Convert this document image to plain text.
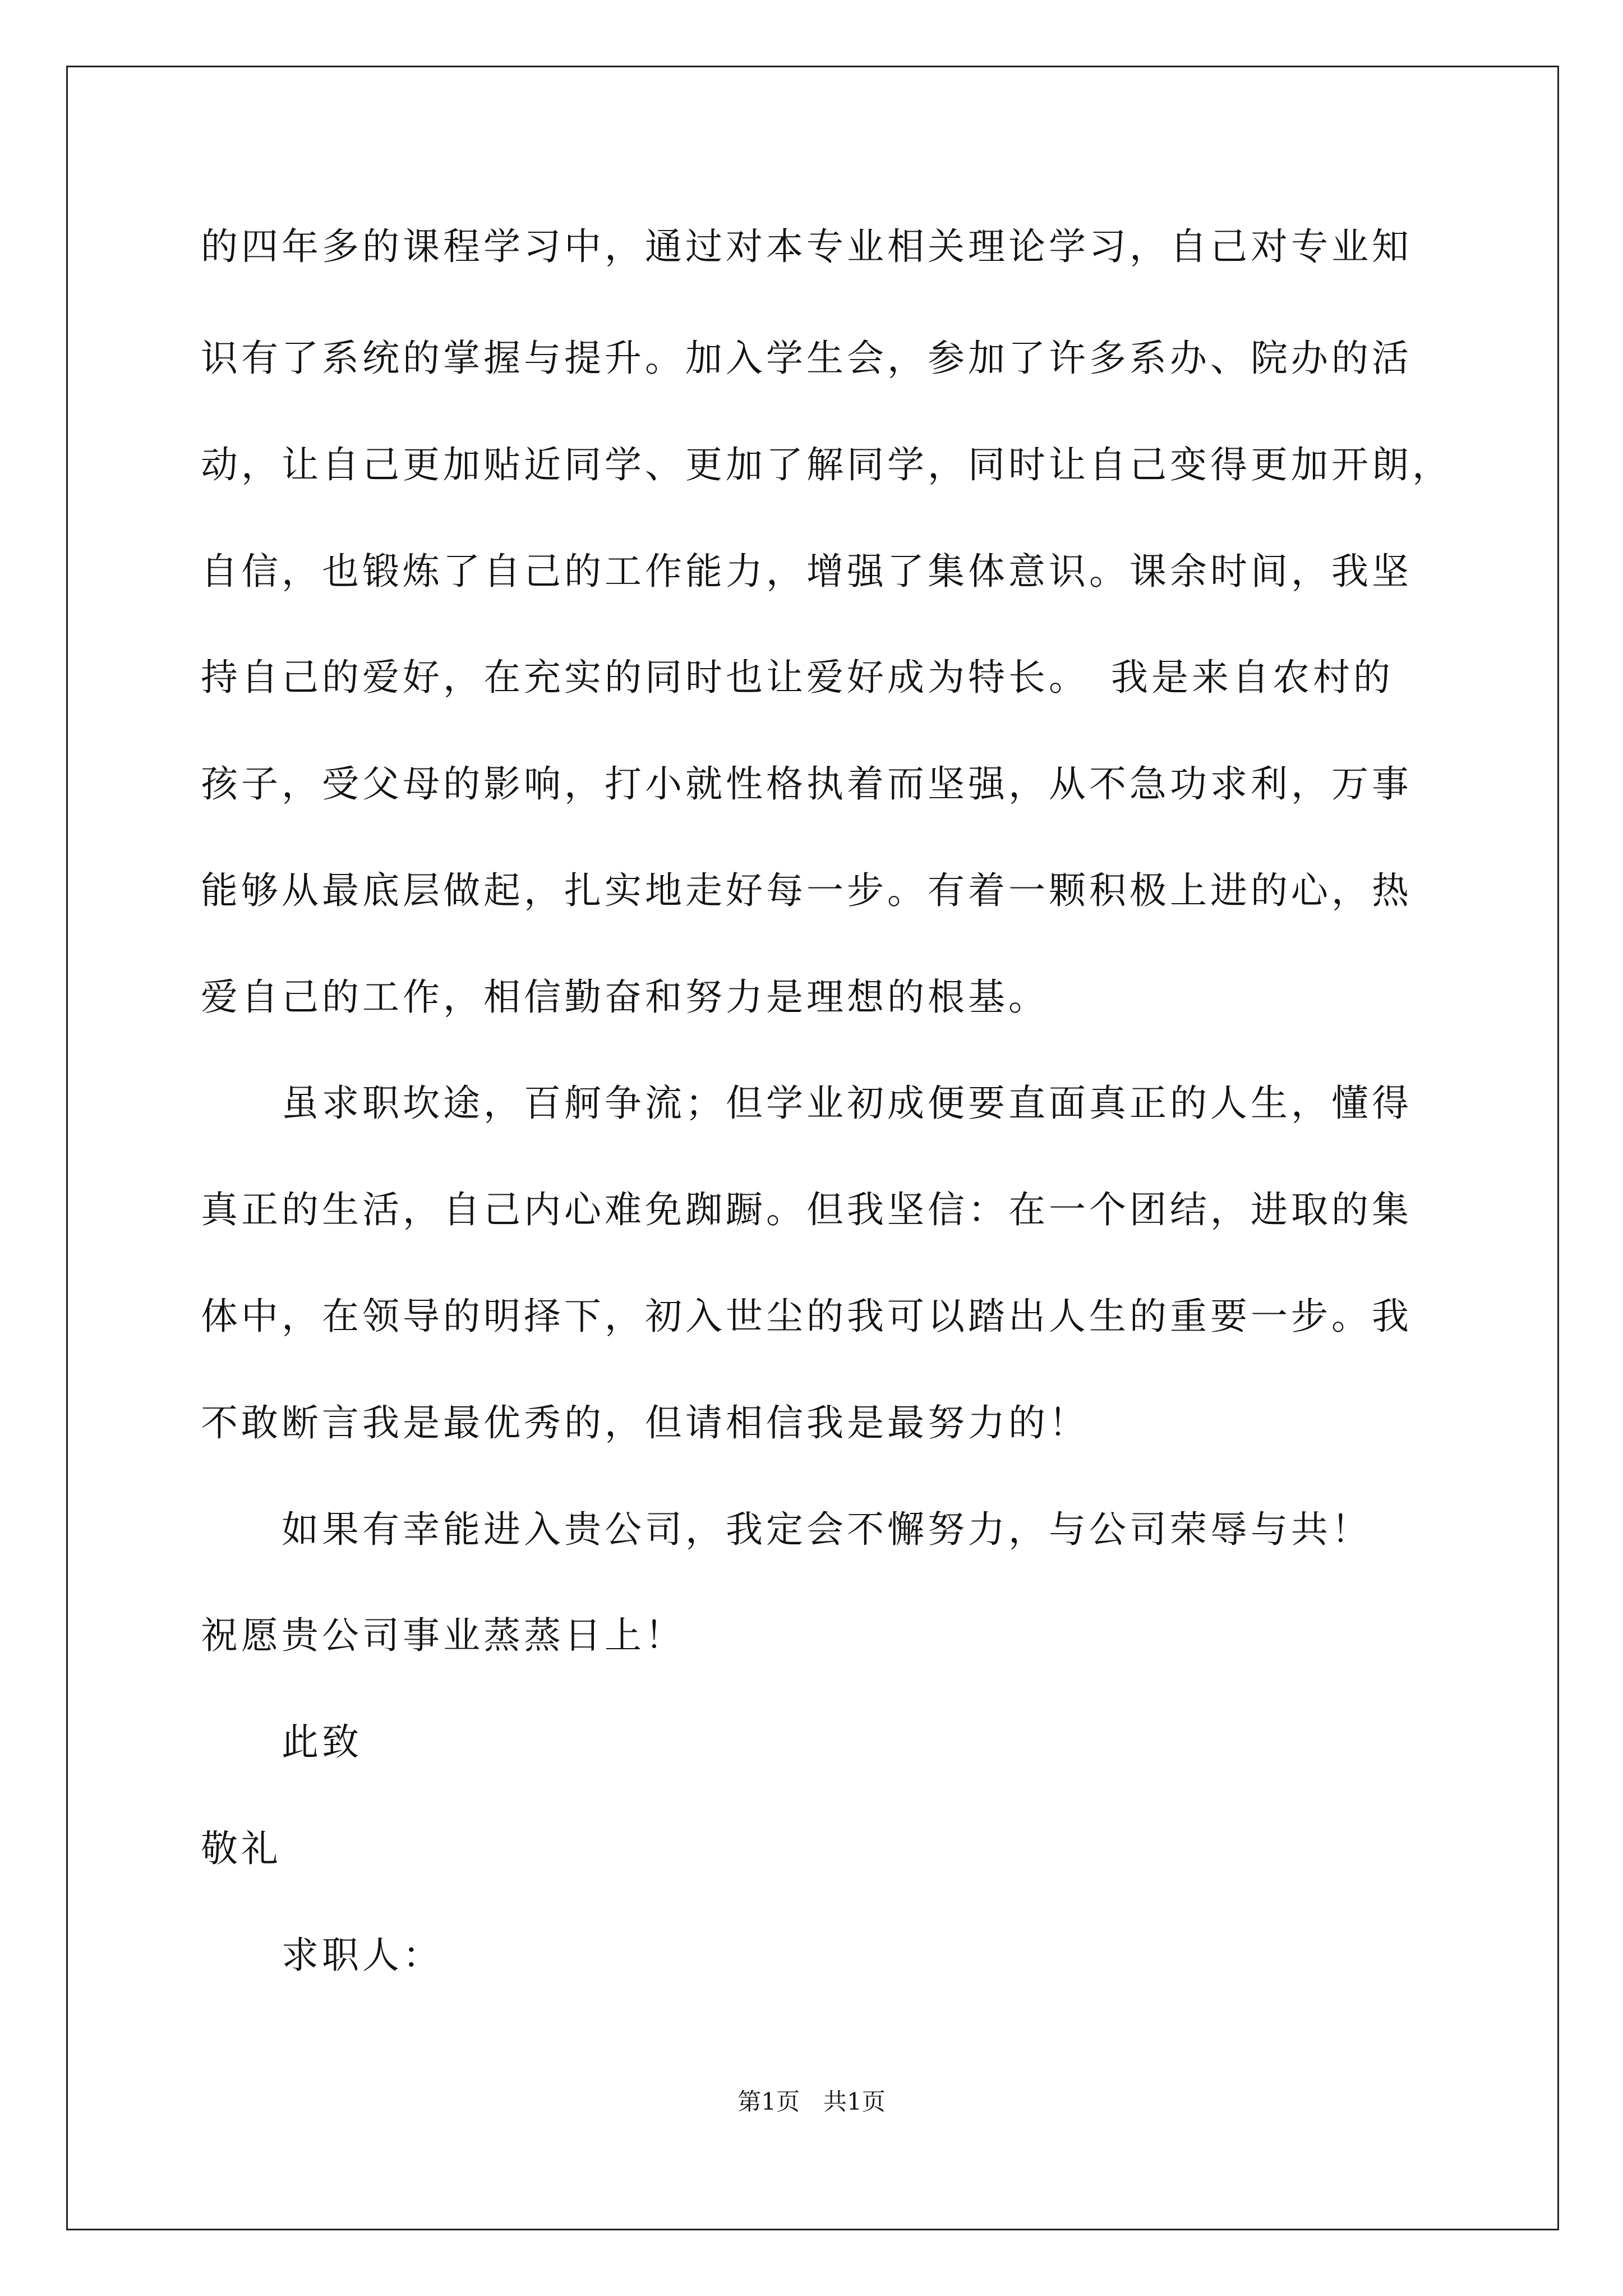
的四年多的课程学习中，通过对本专业相关理论学习，自己对专业知
识有了系统的掌握与提升。加入学生会，参加了许多系办、院办的活
动，让自己更加贴近同学、更加了解同学，同时让自己变得更加开朗，
自信，也锻炼了自己的工作能力，增强了集体意识。课余时间，我坚
持自己的爱好，在充实的同时也让爱好成为特长。　我是来自农村的
孩子，受父母的影响，打小就性格执着而坚强，从不急功求利，万事
能够从最底层做起，扎实地走好每一步。有着一颗积极上进的心，热
爱自己的工作，相信勤奋和努力是理想的根基。
　　虽求职坎途，百舸争流；但学业初成便要直面真正的人生，懂得
真正的生活，自己内心难免踟蹰。但我坚信：在一个团结，进取的集
体中，在领导的明择下，初入世尘的我可以踏出人生的重要一步。我
不敢断言我是最优秀的，但请相信我是最努力的！
　　如果有幸能进入贵公司，我定会不懈努力，与公司荣辱与共！
祝愿贵公司事业蒸蒸日上！
　　此致
敬礼
　　求职人：
第1页　共1页
